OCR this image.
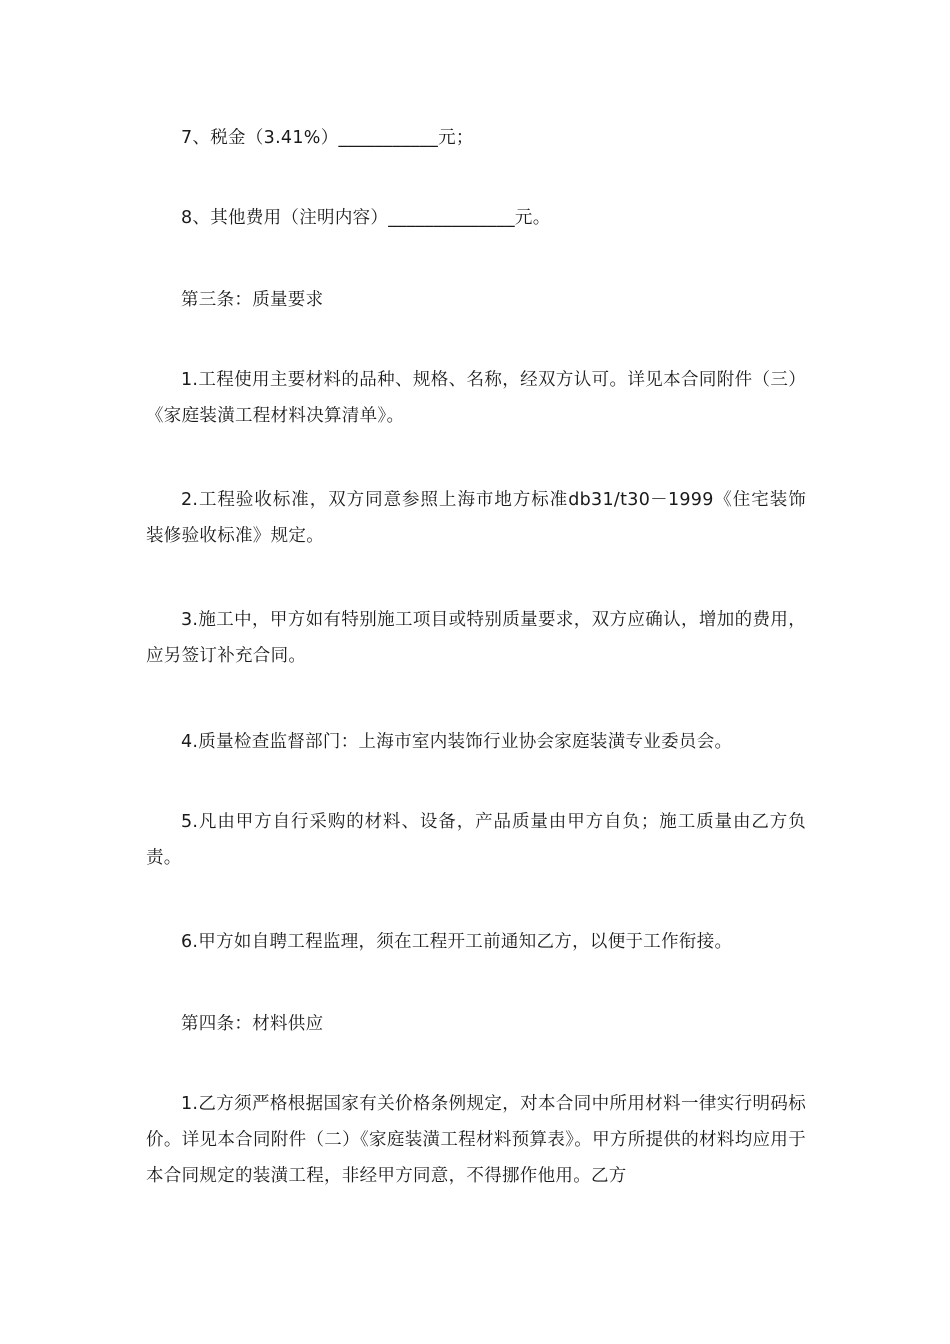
7、税金（3.41%）___________元；

8、其他费用（注明内容）______________元。

第三条：质量要求

1.工程使用主要材料的品种、规格、名称，经双方认可。详见本合同附件（三）《家庭装潢工程材料决算清单》。

2.工程验收标准，双方同意参照上海市地方标准db31/t30－1999《住宅装饰装修验收标准》规定。

3.施工中，甲方如有特别施工项目或特别质量要求，双方应确认，增加的费用，应另签订补充合同。

4.质量检查监督部门：上海市室内装饰行业协会家庭装潢专业委员会。

5.凡由甲方自行采购的材料、设备，产品质量由甲方自负；施工质量由乙方负责。

6.甲方如自聘工程监理，须在工程开工前通知乙方，以便于工作衔接。

第四条：材料供应

1.乙方须严格根据国家有关价格条例规定，对本合同中所用材料一律实行明码标价。详见本合同附件（二）《家庭装潢工程材料预算表》。甲方所提供的材料均应用于本合同规定的装潢工程，非经甲方同意，不得挪作他用。乙方
